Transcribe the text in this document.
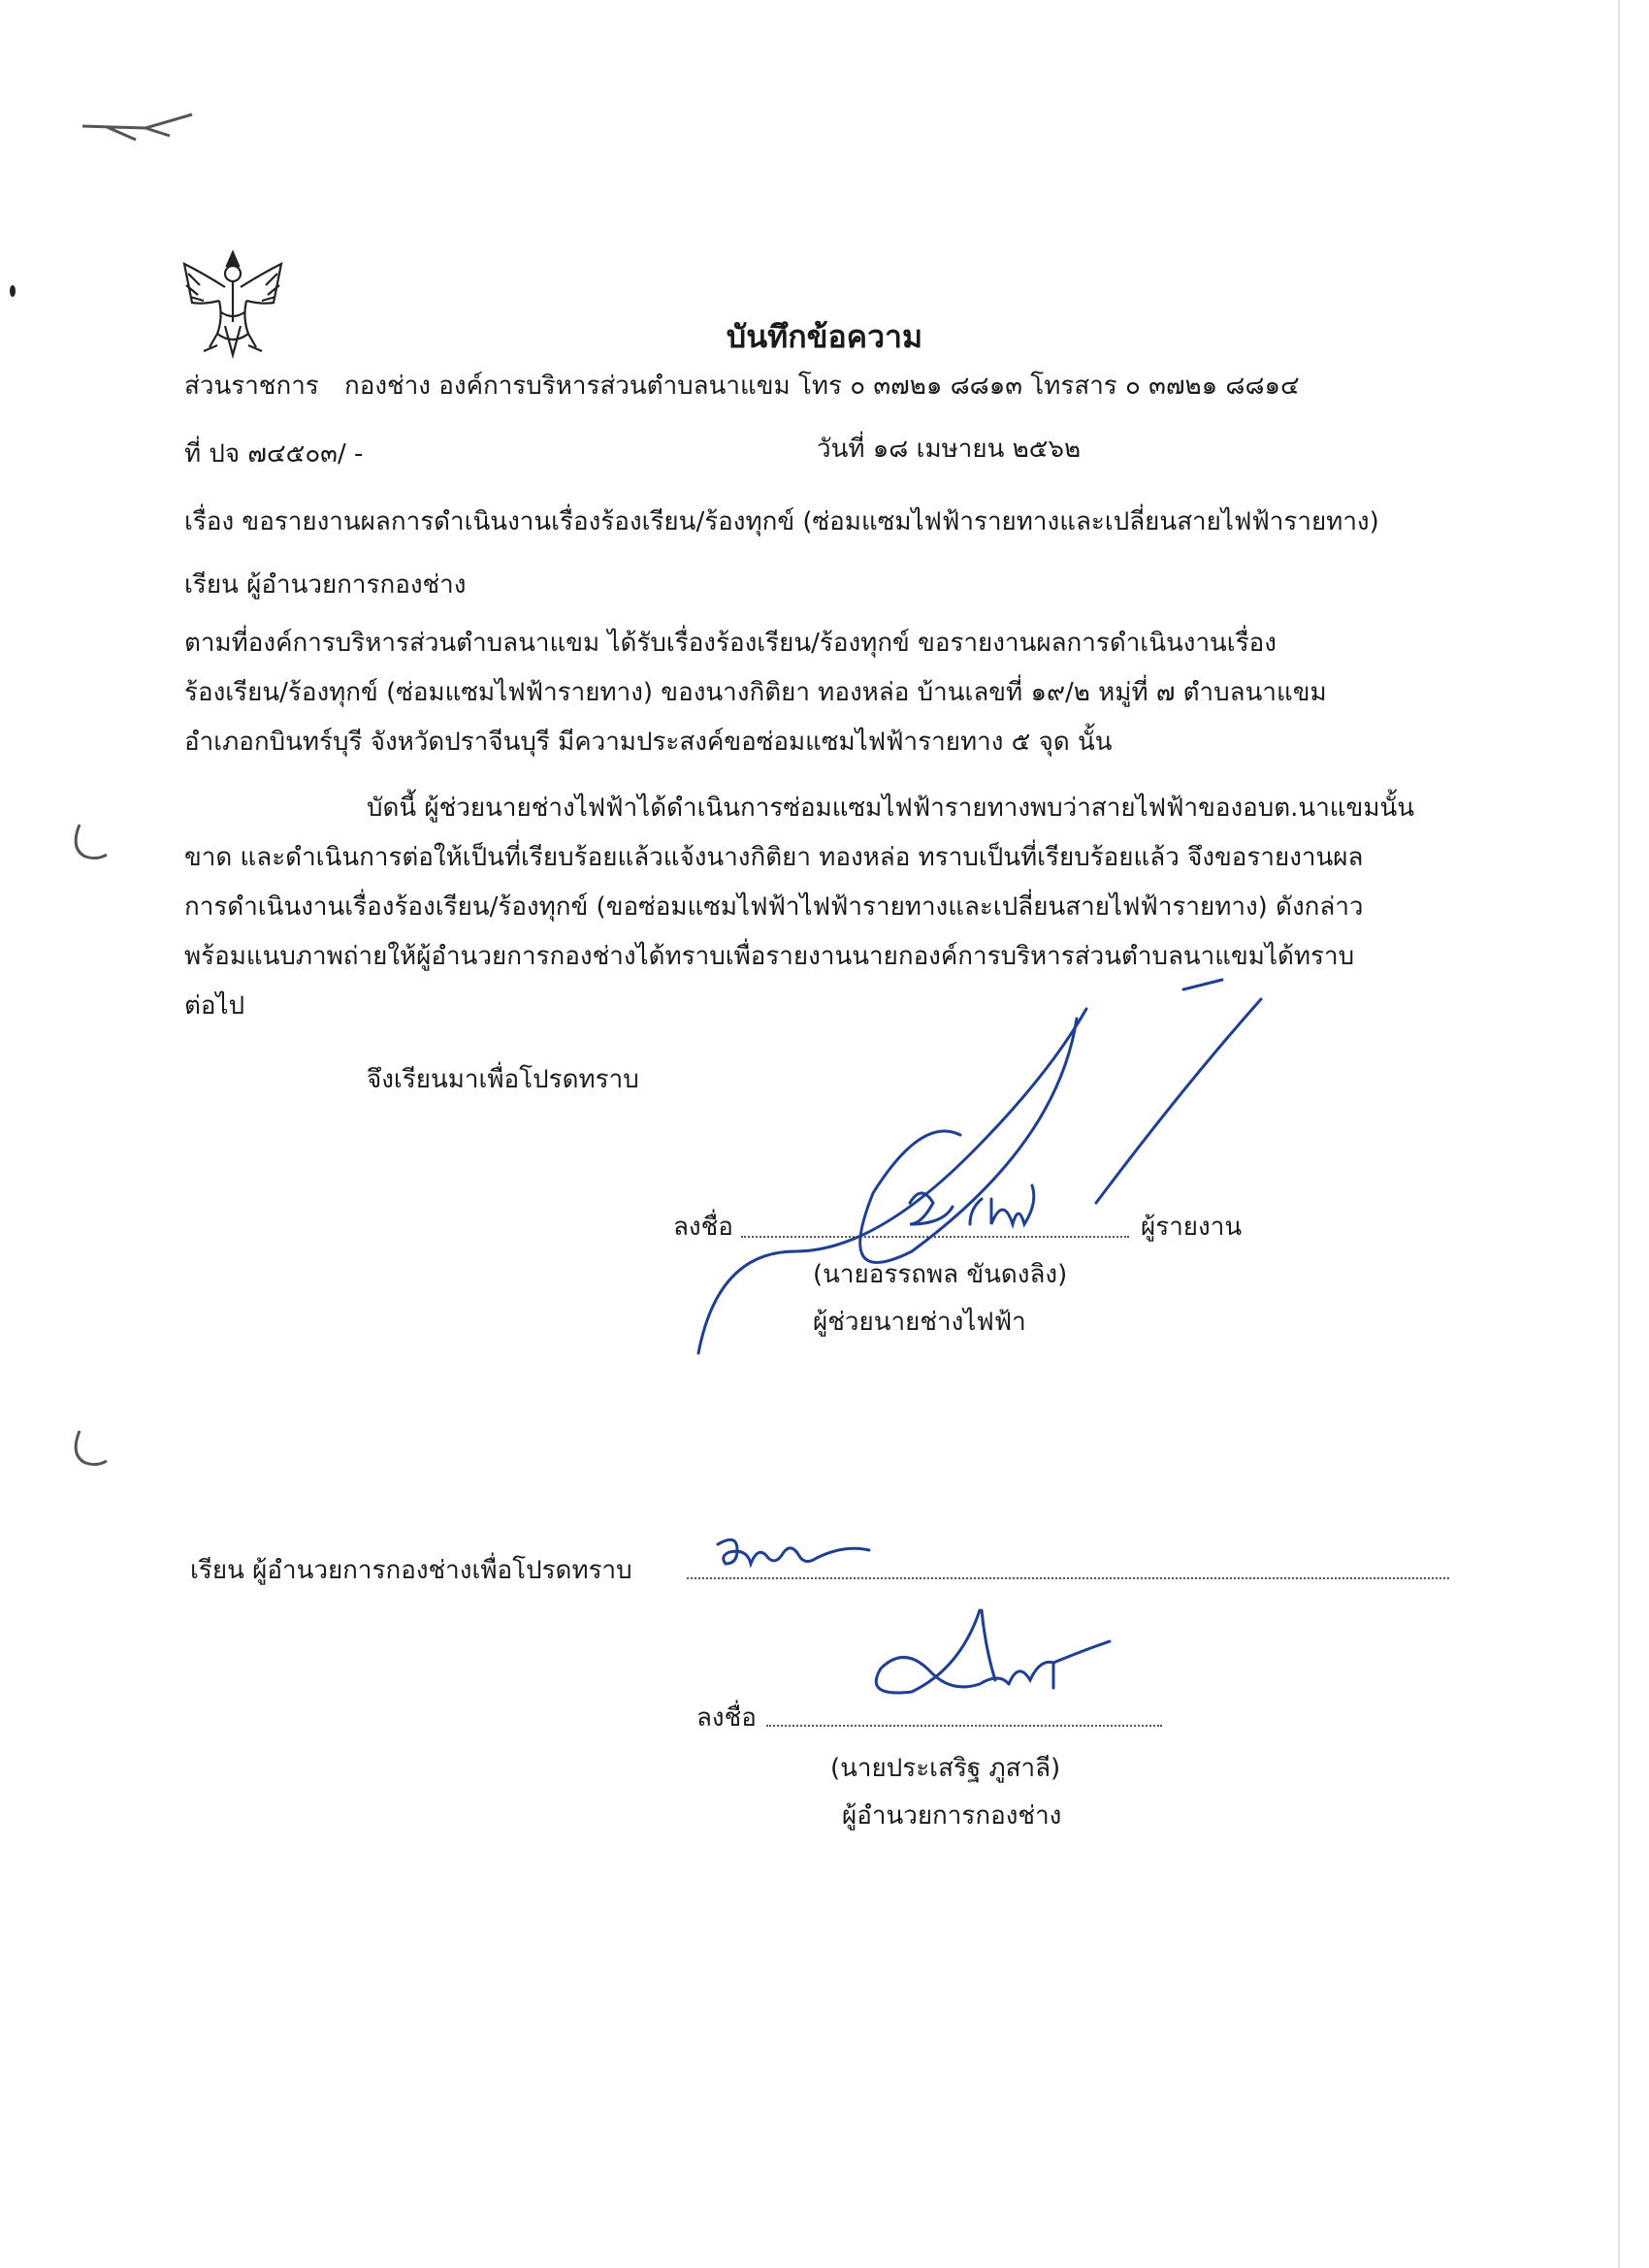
บันทึกข้อความ
ส่วนราชการ กองช่าง องค์การบริหารส่วนตำบลนาแขม โทร ๐ ๓๗๒๑ ๘๘๑๓ โทรสาร ๐ ๓๗๒๑ ๘๘๑๔
ที่ ปจ ๗๔๕๐๓/ -	วันที่ ๑๘ เมษายน ๒๕๖๒
เรื่อง ขอรายงานผลการดำเนินงานเรื่องร้องเรียน/ร้องทุกข์ (ซ่อมแซมไฟฟ้ารายทางและเปลี่ยนสายไฟฟ้ารายทาง)
เรียน ผู้อำนวยการกองช่าง
ตามที่องค์การบริหารส่วนตำบลนาแขม ได้รับเรื่องร้องเรียน/ร้องทุกข์ ขอรายงานผลการดำเนินงานเรื่อง
ร้องเรียน/ร้องทุกข์ (ซ่อมแซมไฟฟ้ารายทาง) ของนางกิติยา ทองหล่อ บ้านเลขที่ ๑๙/๒ หมู่ที่ ๗ ตำบลนาแขม
อำเภอกบินทร์บุรี จังหวัดปราจีนบุรี มีความประสงค์ขอซ่อมแซมไฟฟ้ารายทาง ๕ จุด นั้น
บัดนี้ ผู้ช่วยนายช่างไฟฟ้าได้ดำเนินการซ่อมแซมไฟฟ้ารายทางพบว่าสายไฟฟ้าของอบต.นาแขมนั้น
ขาด และดำเนินการต่อให้เป็นที่เรียบร้อยแล้วแจ้งนางกิติยา ทองหล่อ ทราบเป็นที่เรียบร้อยแล้ว จึงขอรายงานผล
การดำเนินงานเรื่องร้องเรียน/ร้องทุกข์ (ขอซ่อมแซมไฟฟ้าไฟฟ้ารายทางและเปลี่ยนสายไฟฟ้ารายทาง) ดังกล่าว
พร้อมแนบภาพถ่ายให้ผู้อำนวยการกองช่างได้ทราบเพื่อรายงานนายกองค์การบริหารส่วนตำบลนาแขมได้ทราบ
ต่อไป
จึงเรียนมาเพื่อโปรดทราบ
ลงชื่อ	ผู้รายงาน
(นายอรรถพล ขันดงลิง)
ผู้ช่วยนายช่างไฟฟ้า
เรียน ผู้อำนวยการกองช่างเพื่อโปรดทราบ
ลงชื่อ
(นายประเสริฐ ภูสาลี)
ผู้อำนวยการกองช่าง
